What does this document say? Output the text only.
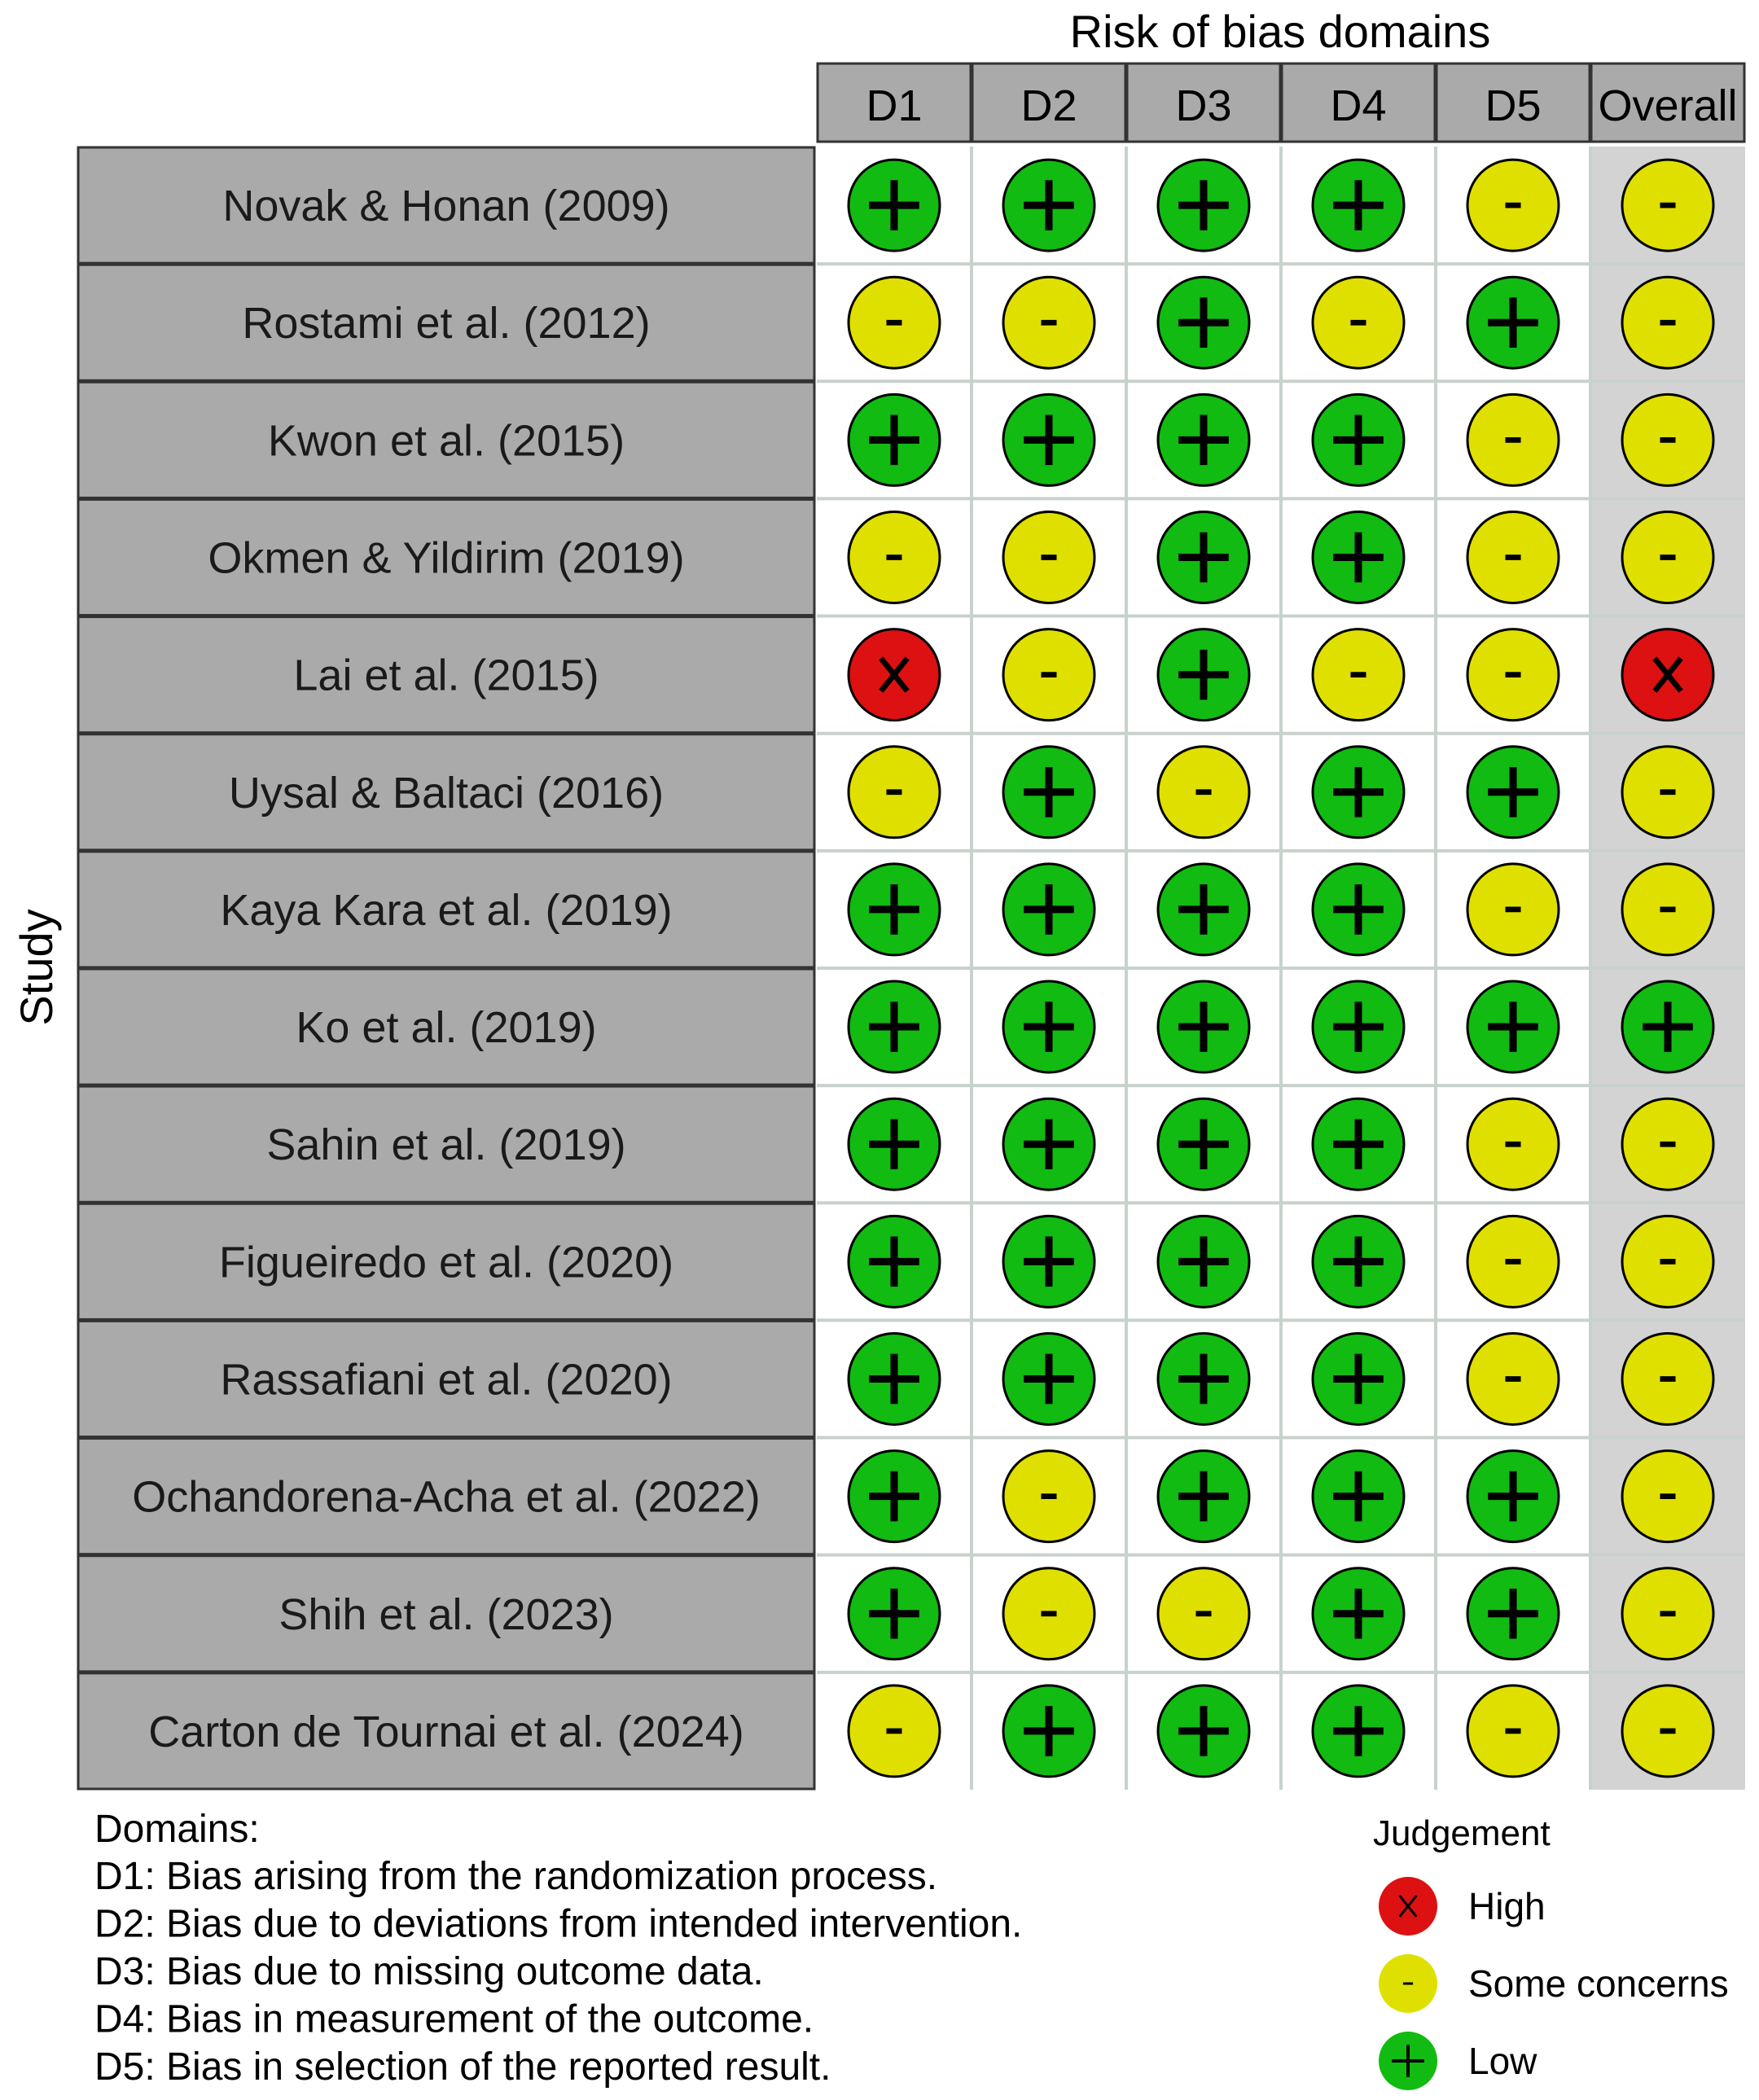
Risk of bias domains
Study
D1 D2 D3 D4 D5 Overall
Novak & Honan (2009)
Rostami et al. (2012)
Kwon et al. (2015)
Okmen & Yildirim (2019)
Lai et al. (2015)
Uysal & Baltaci (2016)
Kaya Kara et al. (2019)
Ko et al. (2019)
Sahin et al. (2019)
Figueiredo et al. (2020)
Rassafiani et al. (2020)
Ochandorena-Acha et al. (2022)
Shih et al. (2023)
Carton de Tournai et al. (2024)
Domains:
D1: Bias arising from the randomization process.
D2: Bias due to deviations from intended intervention.
D3: Bias due to missing outcome data.
D4: Bias in measurement of the outcome.
D5: Bias in selection of the reported result.
Judgement
High
Some concerns
Low
